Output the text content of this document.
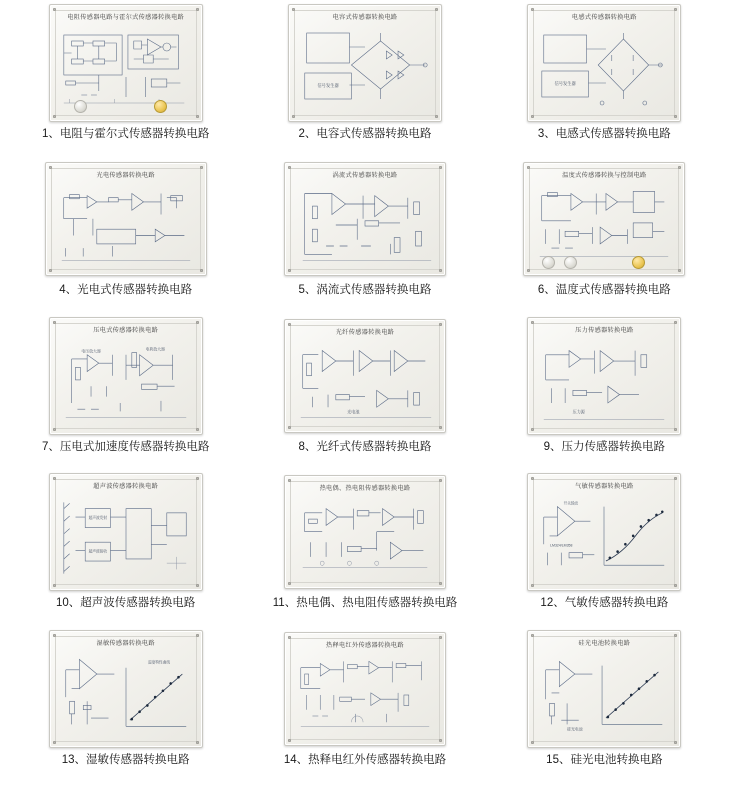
电阻传感器电路与霍尔式传感器转换电路
1、电阻与霍尔式传感器转换电路
电容式传感器转换电路
信号发生器
2、电容式传感器转换电路
电感式传感器转换电路
信号发生器
3、电感式传感器转换电路
光电传感器转换电路
4、光电式传感器转换电路
涡流式传感器转换电路
5、涡流式传感器转换电路
温度式传感器转换与控制电路
6、温度式传感器转换电路
压电式传感器转换电路
电压放大器	电荷放大器
7、压电式加速度传感器转换电路
光纤传感器转换电路
光电池
8、光纤式传感器转换电路
压力传感器转换电路
压力源
9、压力传感器转换电路
超声波传感器转换电路
超声波发射
超声波接收
10、超声波传感器转换电路
热电偶、热电阻传感器转换电路
11、热电偶、热电阻传感器转换电路
气敏传感器转换电路
开关输出
LM324/LM358
12、气敏传感器转换电路
湿敏传感器转换电路
湿度特性曲线
13、湿敏传感器转换电路
热释电红外传感器转换电路
14、热释电红外传感器转换电路
硅光电池转换电路
硅光电池
15、硅光电池转换电路
